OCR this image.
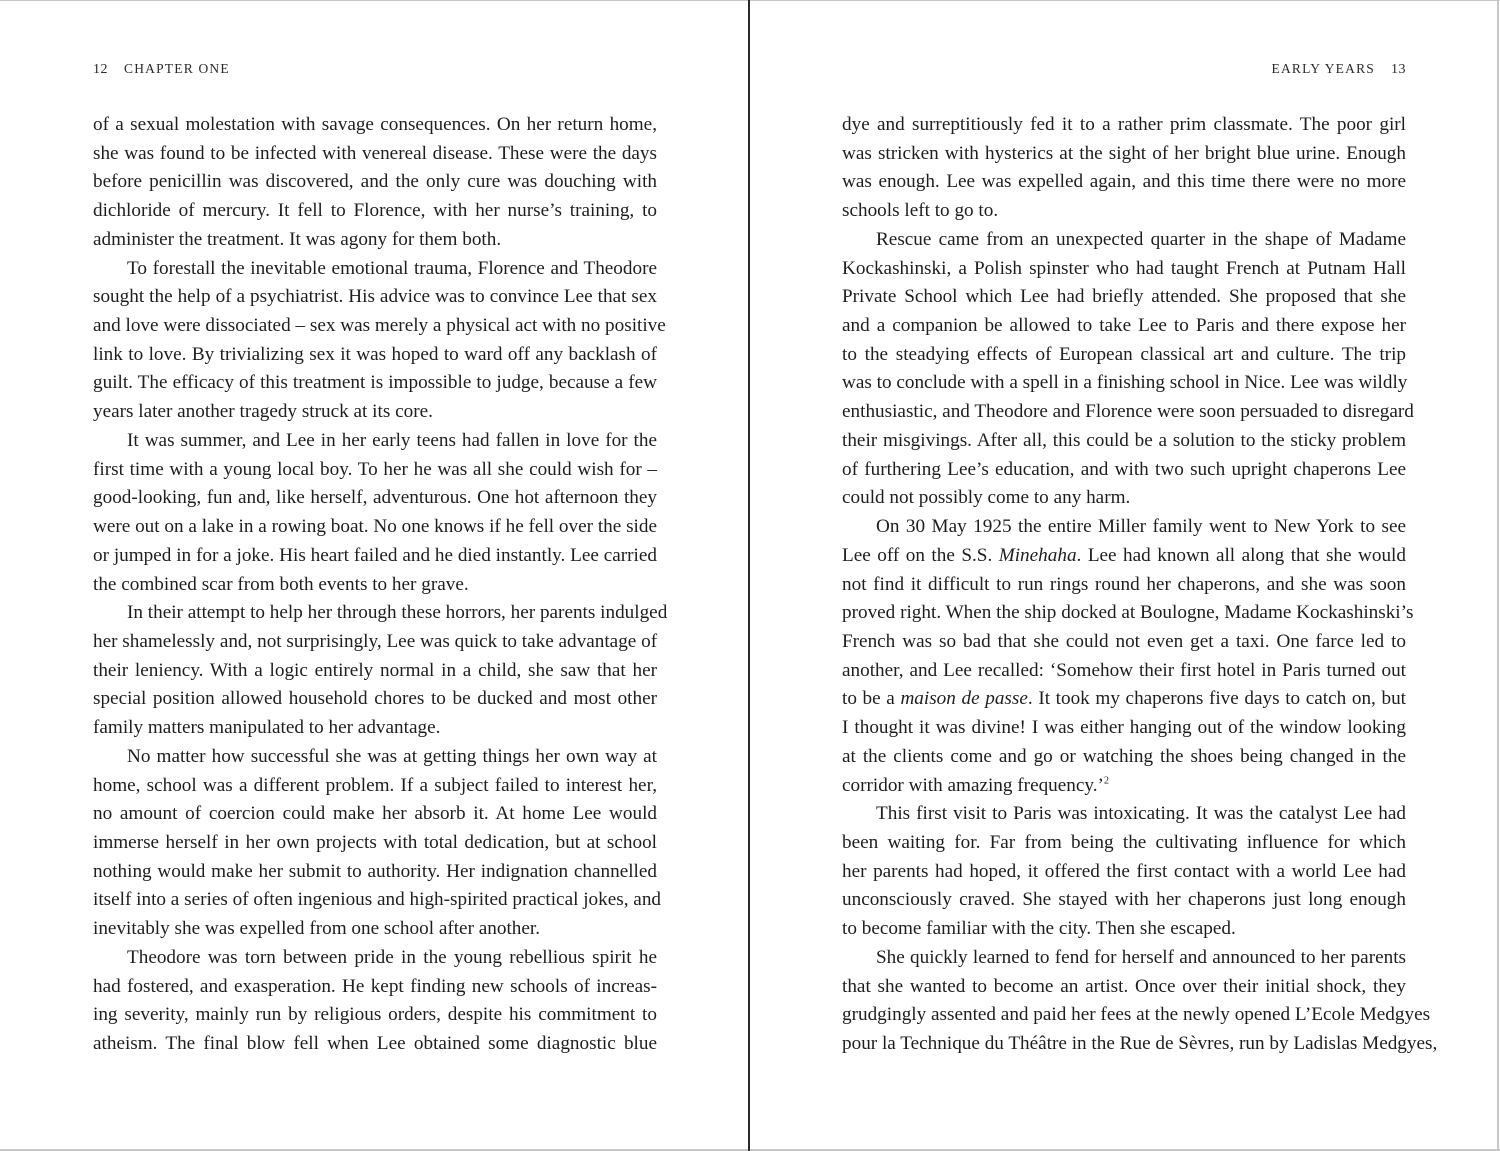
12 CHAPTER ONE
of a sexual molestation with savage consequences. On her return home,
she was found to be infected with venereal disease. These were the days
before penicillin was discovered, and the only cure was douching with
dichloride of mercury. It fell to Florence, with her nurse’s training, to
administer the treatment. It was agony for them both.
To forestall the inevitable emotional trauma, Florence and Theodore
sought the help of a psychiatrist. His advice was to convince Lee that sex
and love were dissociated – sex was merely a physical act with no positive
link to love. By trivializing sex it was hoped to ward off any backlash of
guilt. The efficacy of this treatment is impossible to judge, because a few
years later another tragedy struck at its core.
It was summer, and Lee in her early teens had fallen in love for the
first time with a young local boy. To her he was all she could wish for –
good-looking, fun and, like herself, adventurous. One hot afternoon they
were out on a lake in a rowing boat. No one knows if he fell over the side
or jumped in for a joke. His heart failed and he died instantly. Lee carried
the combined scar from both events to her grave.
In their attempt to help her through these horrors, her parents indulged
her shamelessly and, not surprisingly, Lee was quick to take advantage of
their leniency. With a logic entirely normal in a child, she saw that her
special position allowed household chores to be ducked and most other
family matters manipulated to her advantage.
No matter how successful she was at getting things her own way at
home, school was a different problem. If a subject failed to interest her,
no amount of coercion could make her absorb it. At home Lee would
immerse herself in her own projects with total dedication, but at school
nothing would make her submit to authority. Her indignation channelled
itself into a series of often ingenious and high-spirited practical jokes, and
inevitably she was expelled from one school after another.
Theodore was torn between pride in the young rebellious spirit he
had fostered, and exasperation. He kept finding new schools of increas-
ing severity, mainly run by religious orders, despite his commitment to
atheism. The final blow fell when Lee obtained some diagnostic blue
EARLY YEARS 13
dye and surreptitiously fed it to a rather prim classmate. The poor girl
was stricken with hysterics at the sight of her bright blue urine. Enough
was enough. Lee was expelled again, and this time there were no more
schools left to go to.
Rescue came from an unexpected quarter in the shape of Madame
Kockashinski, a Polish spinster who had taught French at Putnam Hall
Private School which Lee had briefly attended. She proposed that she
and a companion be allowed to take Lee to Paris and there expose her
to the steadying effects of European classical art and culture. The trip
was to conclude with a spell in a finishing school in Nice. Lee was wildly
enthusiastic, and Theodore and Florence were soon persuaded to disregard
their misgivings. After all, this could be a solution to the sticky problem
of furthering Lee’s education, and with two such upright chaperons Lee
could not possibly come to any harm.
On 30 May 1925 the entire Miller family went to New York to see
Lee off on the S.S. Minehaha. Lee had known all along that she would
not find it difficult to run rings round her chaperons, and she was soon
proved right. When the ship docked at Boulogne, Madame Kockashinski’s
French was so bad that she could not even get a taxi. One farce led to
another, and Lee recalled: ‘Somehow their first hotel in Paris turned out
to be a maison de passe. It took my chaperons five days to catch on, but
I thought it was divine! I was either hanging out of the window looking
at the clients come and go or watching the shoes being changed in the
corridor with amazing frequency.’$^2$
This first visit to Paris was intoxicating. It was the catalyst Lee had
been waiting for. Far from being the cultivating influence for which
her parents had hoped, it offered the first contact with a world Lee had
unconsciously craved. She stayed with her chaperons just long enough
to become familiar with the city. Then she escaped.
She quickly learned to fend for herself and announced to her parents
that she wanted to become an artist. Once over their initial shock, they
grudgingly assented and paid her fees at the newly opened L’Ecole Medgyes
pour la Technique du Théâtre in the Rue de Sèvres, run by Ladislas Medgyes,
